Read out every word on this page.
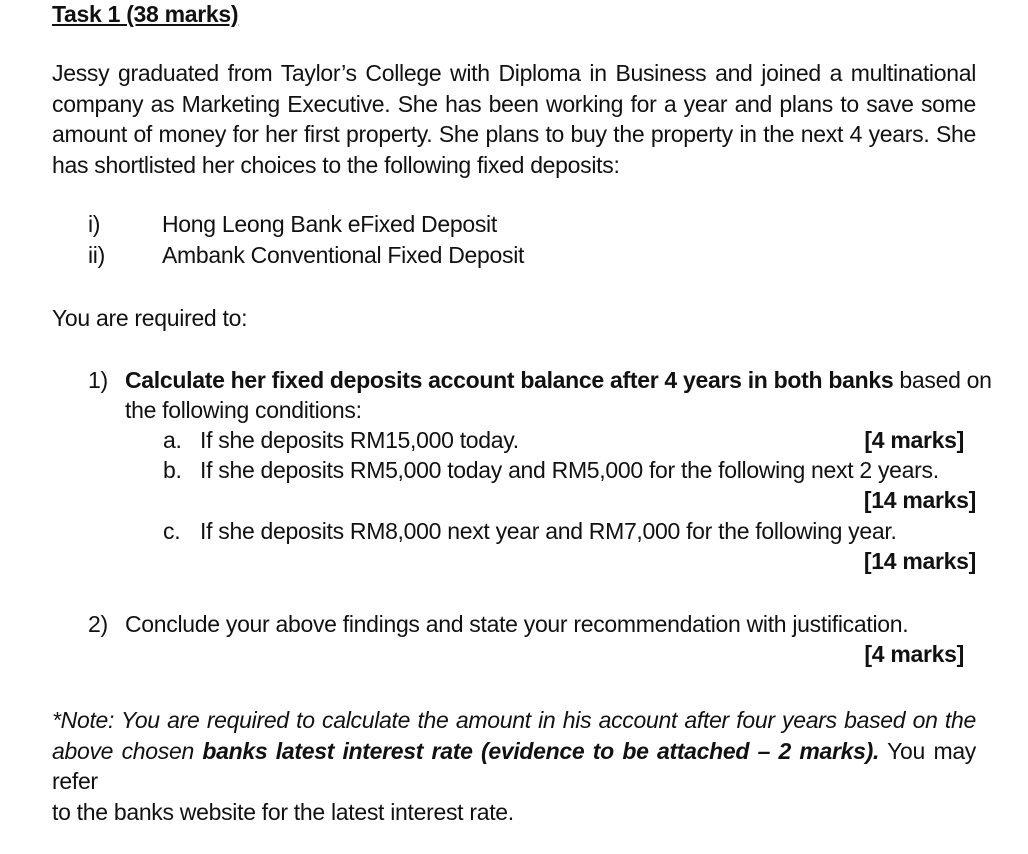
Task 1 (38 marks)
Jessy graduated from Taylor’s College with Diploma in Business and joined a multinational
company as Marketing Executive. She has been working for a year and plans to save some
amount of money for her first property. She plans to buy the property in the next 4 years. She
has shortlisted her choices to the following fixed deposits:
i)	Hong Leong Bank eFixed Deposit
ii) Ambank Conventional Fixed Deposit
You are required to:
1) Calculate her fixed deposits account balance after 4 years in both banks based on
the following conditions:
a. If she deposits RM15,000 today.	[4 marks]
b. If she deposits RM5,000 today and RM5,000 for the following next 2 years.
[14 marks]
c. If she deposits RM8,000 next year and RM7,000 for the following year.
[14 marks]
2) Conclude your above findings and state your recommendation with justification.
[4 marks]
*Note: You are required to calculate the amount in his account after four years based on the
above chosen banks latest interest rate (evidence to be attached – 2 marks). You may refer
to the banks website for the latest interest rate.
